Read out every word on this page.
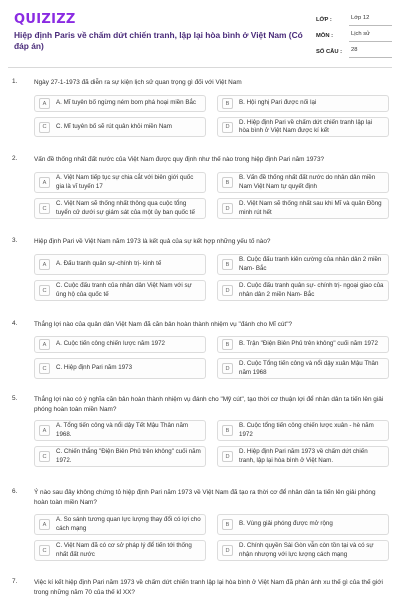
QUIZIZZ
Hiệp định Paris về chấm dứt chiến tranh, lập lại hòa bình ở Việt Nam (Có đáp án)
LỚP :	Lớp 12
MÔN :	Lịch sử
SỐ CÂU :	28
1.	Ngày 27-1-1973 đã diễn ra sự kiện lịch sử quan trọng gì đối với Việt Nam
A	A. Mĩ tuyên bố ngừng ném bom phá hoại miền Bắc	B	B. Hội nghị Pari được nối lại
C	C. Mĩ tuyên bố sẽ rút quân khỏi miền Nam	D
D. Hiệp định Pari về chấm dứt chiến tranh lập lại hòa bình ở Việt Nam được kí kết
2.	Vấn đề thống nhất đất nước của Việt Nam được quy định như thế nào trong hiệp định Pari năm 1973?
A
A. Việt Nam tiếp tục sự chia cắt với biên giới quốc gia là vĩ tuyến 17	B
B. Vấn đề thống nhất đất nước do nhân dân miền Nam Việt Nam tự quyết định
C
C. Việt Nam sẽ thống nhất thông qua cuộc tổng tuyển cử dưới sự giám sát của một ủy ban quốc tế	D
D. Việt Nam sẽ thống nhất sau khi Mĩ và quân Đồng minh rút hết
3.	Hiệp định Pari về Việt Nam năm 1973 là kết quả của sự kết hợp những yếu tố nào?
A	A. Đấu tranh quân sự-chính trị- kinh tế	B
B. Cuộc đấu tranh kiên cường của nhân dân 2 miền Nam- Bắc
C
C. Cuộc đấu tranh của nhân dân Việt Nam với sự ủng hộ của quốc tế	D
D. Cuộc đấu tranh quân sự- chính trị- ngoại giao của nhân dân 2 miền Nam- Bắc
4.	Thắng lợi nào của quân dân Việt Nam đã căn bản hoàn thành nhiệm vụ "đánh cho Mĩ cút"?
A	A. Cuộc tiến công chiến lược năm 1972	B	B. Trận "Điện Biên Phủ trên không" cuối năm 1972
C	C. Hiệp định Pari năm 1973	D
D. Cuộc Tổng tiến công và nổi dậy xuân Mậu Thân năm 1968
5.	Thắng lợi nào có ý nghĩa căn bản hoàn thành nhiệm vụ đánh cho "Mỹ cút", tạo thời cơ thuận lợi để nhân dân ta tiến lên giải phóng hoàn toàn miền Nam?
A
A. Tổng tiến công và nổi dậy Tết Mậu Thân năm 1968.	B
B. Cuộc tổng tiến công chiến lược xuân - hè năm 1972
C
C. Chiến thắng "Điện Biên Phủ trên không" cuối năm 1972.	D
D. Hiệp định Pari năm 1973 về chấm dứt chiến tranh, lập lại hòa bình ở Việt Nam.
6.	Ý nào sau đây không chứng tỏ hiệp định Pari năm 1973 về Việt Nam đã tạo ra thời cơ để nhân dân ta tiến lên giải phóng hoàn toàn miền Nam?
A
A. So sánh tương quan lực lượng thay đổi có lợi cho cách mạng	B	B. Vùng giải phóng được mở rộng
C
C. Việt Nam đã có cơ sở pháp lý để tiến tới thống nhất đất nước	D
D. Chính quyền Sài Gòn vẫn còn tồn tại và có sự nhận nhượng với lực lượng cách mạng
7.	Việc kí kết hiệp định Pari năm 1973 về chấm dứt chiến tranh lập lại hòa bình ở Việt Nam đã phản ánh xu thế gì của thế giới trong những năm 70 của thế kỉ XX?
